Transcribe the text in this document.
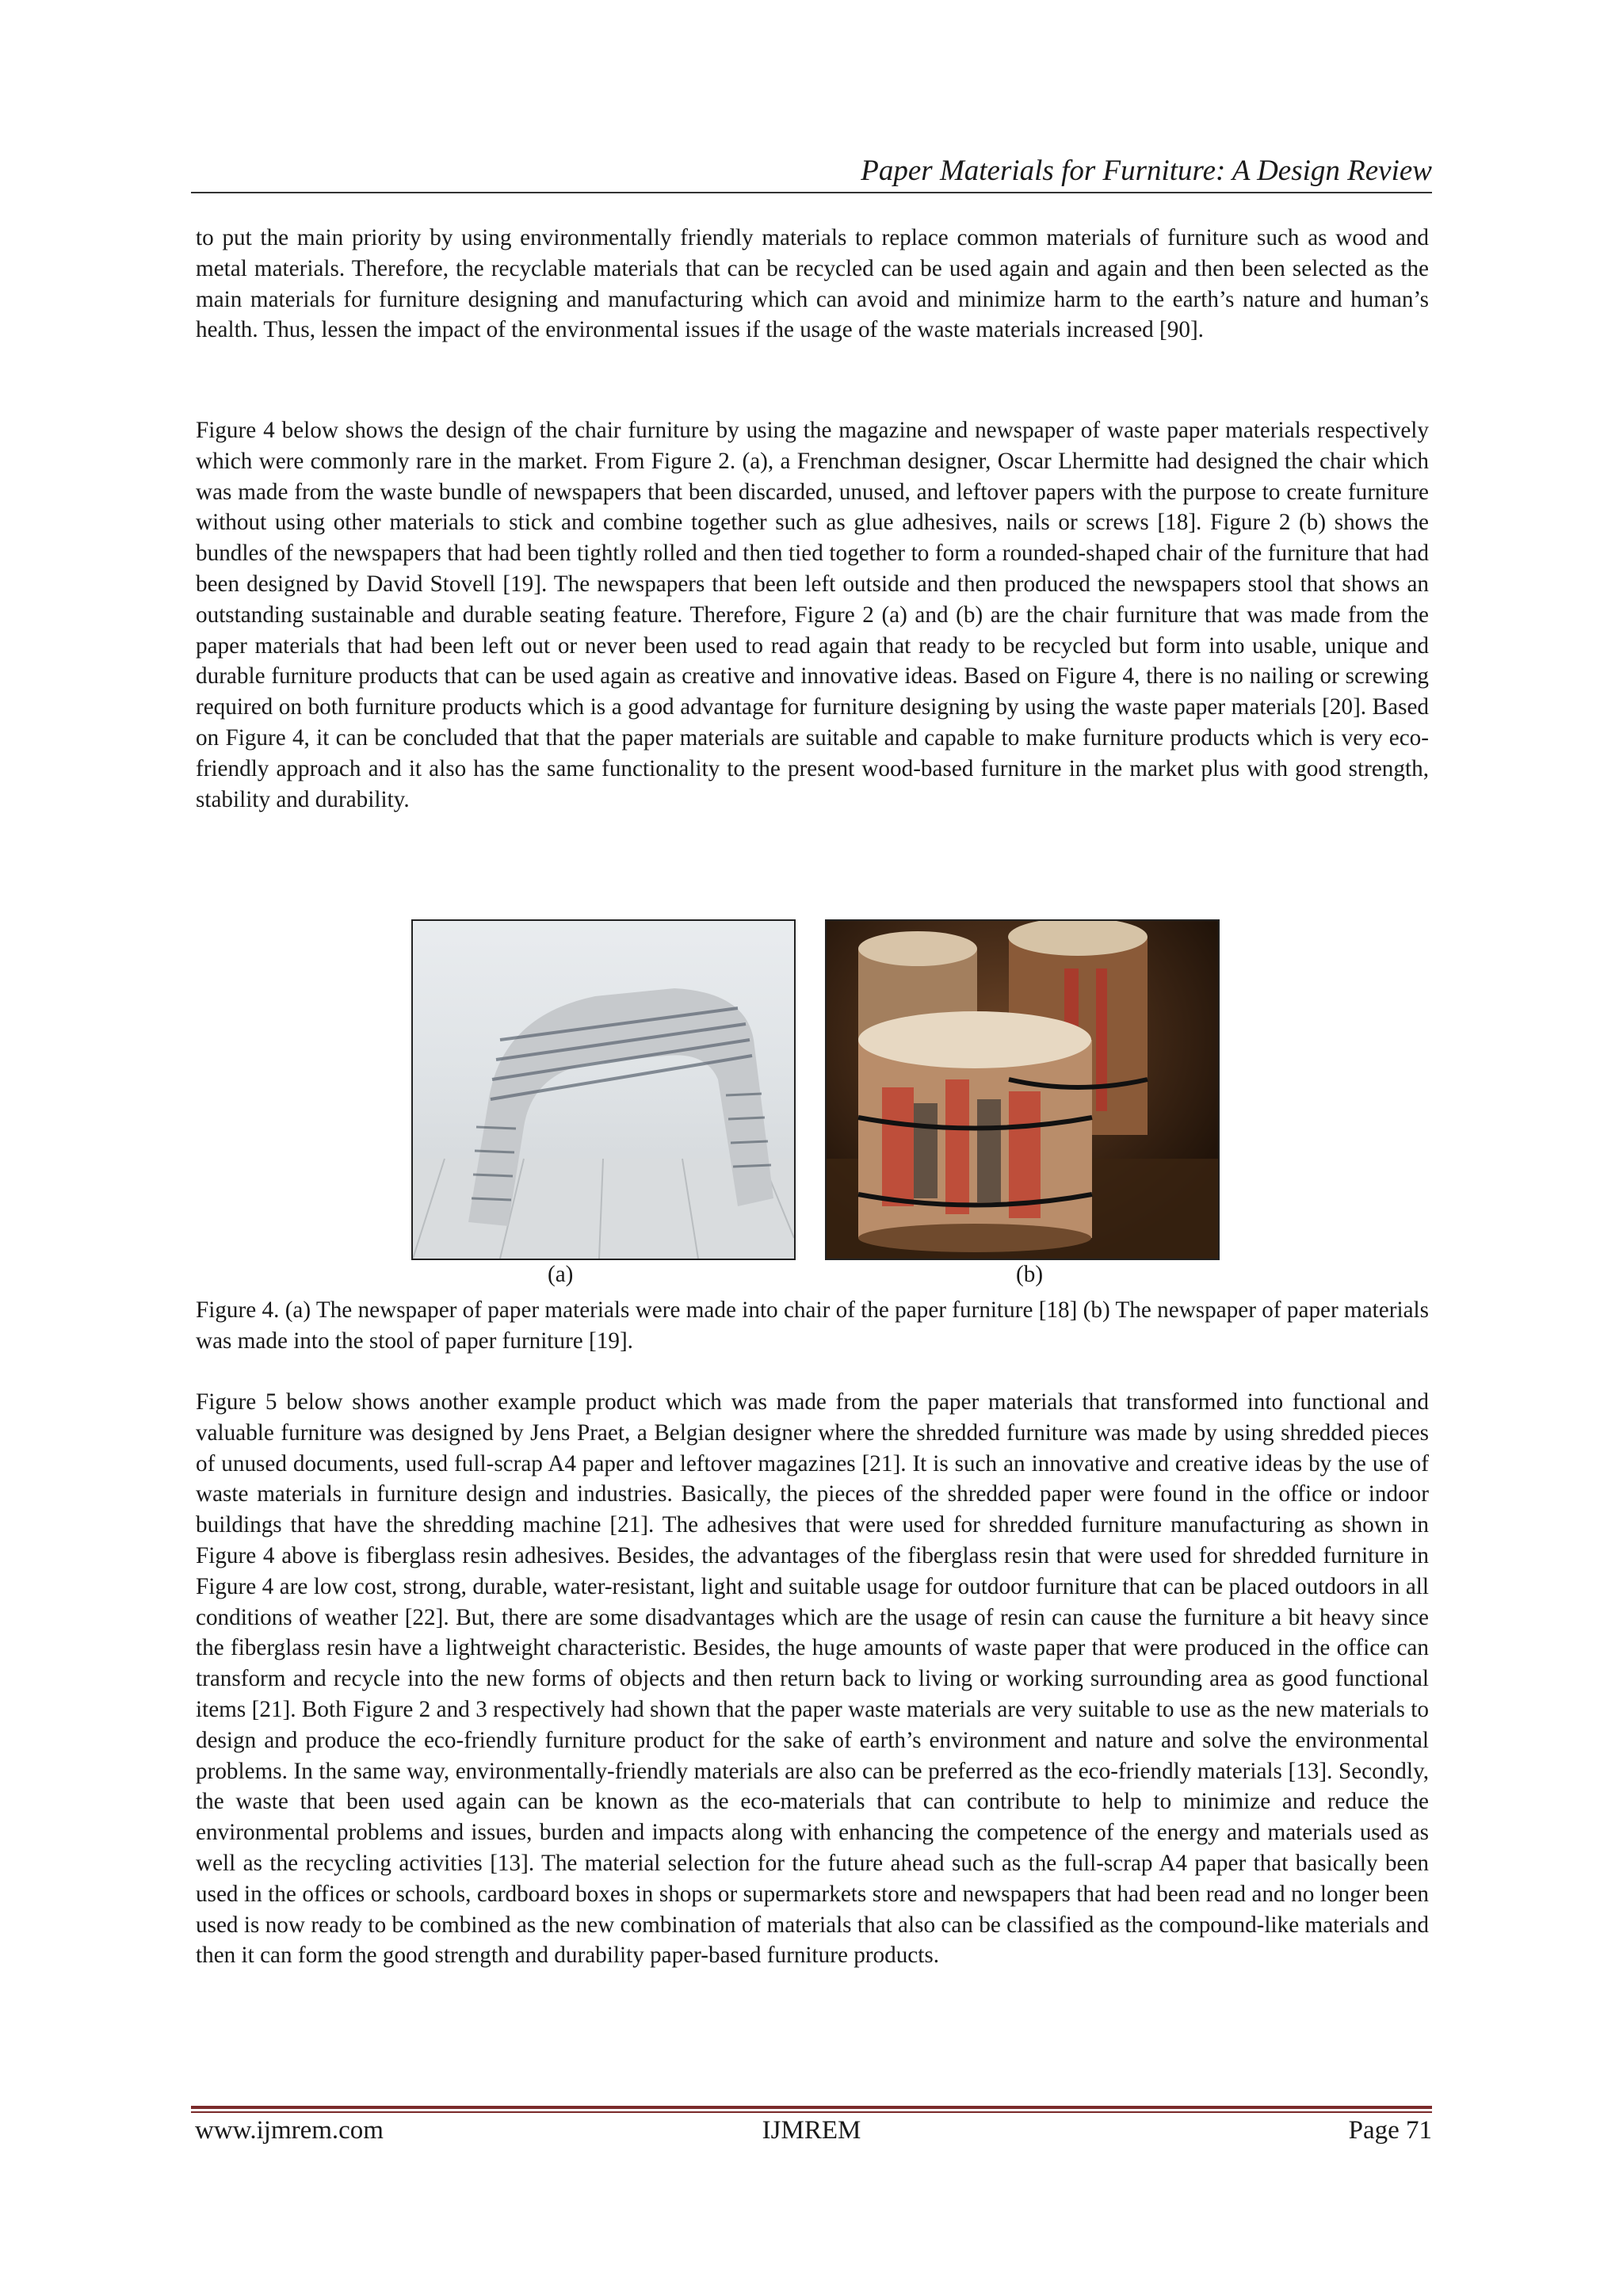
Paper Materials for Furniture: A Design Review

to put the main priority by using environmentally friendly materials to replace common materials of furniture such as wood and metal materials. Therefore, the recyclable materials that can be recycled can be used again and again and then been selected as the main materials for furniture designing and manufacturing which can avoid and minimize harm to the earth’s nature and human’s health. Thus, lessen the impact of the environmental issues if the usage of the waste materials increased [90].

Figure 4 below shows the design of the chair furniture by using the magazine and newspaper of waste paper materials respectively which were commonly rare in the market. From Figure 2. (a), a Frenchman designer, Oscar Lhermitte had designed the chair which was made from the waste bundle of newspapers that been discarded, unused, and leftover papers with the purpose to create furniture without using other materials to stick and combine together such as glue adhesives, nails or screws [18]. Figure 2 (b) shows the bundles of the newspapers that had been tightly rolled and then tied together to form a rounded-shaped chair of the furniture that had been designed by David Stovell [19]. The newspapers that been left outside and then produced the newspapers stool that shows an outstanding sustainable and durable seating feature. Therefore, Figure 2 (a) and (b) are the chair furniture that was made from the paper materials that had been left out or never been used to read again that ready to be recycled but form into usable, unique and durable furniture products that can be used again as creative and innovative ideas. Based on Figure 4, there is no nailing or screwing required on both furniture products which is a good advantage for furniture designing by using the waste paper materials [20]. Based on Figure 4, it can be concluded that that the paper materials are suitable and capable to make furniture products which is very eco-friendly approach and it also has the same functionality to the present wood-based furniture in the market plus with good strength, stability and durability.

(a)	(b)
Figure 4. (a) The newspaper of paper materials were made into chair of the paper furniture [18] (b) The newspaper of paper materials was made into the stool of paper furniture [19].

Figure 5 below shows another example product which was made from the paper materials that transformed into functional and valuable furniture was designed by Jens Praet, a Belgian designer where the shredded furniture was made by using shredded pieces of unused documents, used full-scrap A4 paper and leftover magazines [21]. It is such an innovative and creative ideas by the use of waste materials in furniture design and industries. Basically, the pieces of the shredded paper were found in the office or indoor buildings that have the shredding machine [21]. The adhesives that were used for shredded furniture manufacturing as shown in Figure 4 above is fiberglass resin adhesives. Besides, the advantages of the fiberglass resin that were used for shredded furniture in Figure 4 are low cost, strong, durable, water-resistant, light and suitable usage for outdoor furniture that can be placed outdoors in all conditions of weather [22]. But, there are some disadvantages which are the usage of resin can cause the furniture a bit heavy since the fiberglass resin have a lightweight characteristic. Besides, the huge amounts of waste paper that were produced in the office can transform and recycle into the new forms of objects and then return back to living or working surrounding area as good functional items [21]. Both Figure 2 and 3 respectively had shown that the paper waste materials are very suitable to use as the new materials to design and produce the eco-friendly furniture product for the sake of earth’s environment and nature and solve the environmental problems. In the same way, environmentally-friendly materials are also can be preferred as the eco-friendly materials [13]. Secondly, the waste that been used again can be known as the eco-materials that can contribute to help to minimize and reduce the environmental problems and issues, burden and impacts along with enhancing the competence of the energy and materials used as well as the recycling activities [13]. The material selection for the future ahead such as the full-scrap A4 paper that basically been used in the offices or schools, cardboard boxes in shops or supermarkets store and newspapers that had been read and no longer been used is now ready to be combined as the new combination of materials that also can be classified as the compound-like materials and then it can form the good strength and durability paper-based furniture products.

www.ijmrem.com	IJMREM	Page 71
